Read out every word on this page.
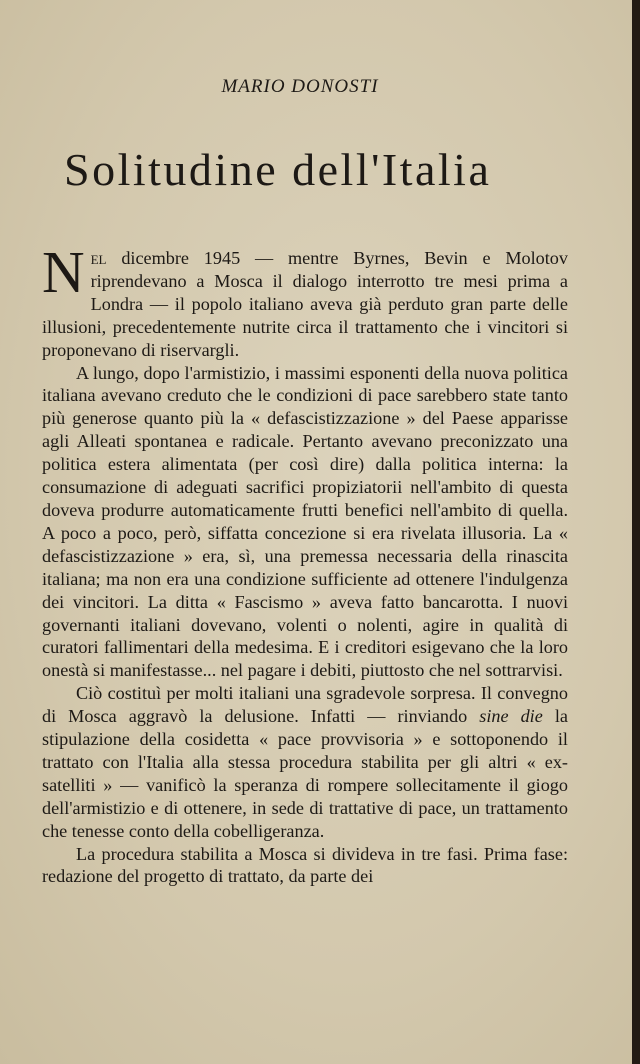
MARIO DONOSTI
Solitudine dell'Italia

Nel dicembre 1945 — mentre Byrnes, Bevin e Molotov riprendevano a Mosca il dialogo interrotto tre mesi prima a Londra — il popolo italiano aveva già perduto gran parte delle illusioni, precedentemente nutrite circa il trattamento che i vincitori si proponevano di riservargli.

A lungo, dopo l'armistizio, i massimi esponenti della nuova politica italiana avevano creduto che le condizioni di pace sarebbero state tanto più generose quanto più la « defascistizzazione » del Paese apparisse agli Alleati spontanea e radicale. Pertanto avevano preconizzato una politica estera alimentata (per così dire) dalla politica interna: la consumazione di adeguati sacrifici propiziatorii nell'ambito di questa doveva produrre automaticamente frutti benefici nell'ambito di quella. A poco a poco, però, siffatta concezione si era rivelata illusoria. La « defascistizzazione » era, sì, una premessa necessaria della rinascita italiana; ma non era una condizione sufficiente ad ottenere l'indulgenza dei vincitori. La ditta « Fascismo » aveva fatto bancarotta. I nuovi governanti italiani dovevano, volenti o nolenti, agire in qualità di curatori fallimentari della medesima. E i creditori esigevano che la loro onestà si manifestasse... nel pagare i debiti, piuttosto che nel sottrarvisi.

Ciò costituì per molti italiani una sgradevole sorpresa. Il convegno di Mosca aggravò la delusione. Infatti — rinviando sine die la stipulazione della cosidetta « pace provvisoria » e sottoponendo il trattato con l'Italia alla stessa procedura stabilita per gli altri « ex-satelliti » — vanificò la speranza di rompere sollecitamente il giogo dell'armistizio e di ottenere, in sede di trattative di pace, un trattamento che tenesse conto della cobelligeranza.

La procedura stabilita a Mosca si divideva in tre fasi. Prima fase: redazione del progetto di trattato, da parte dei
